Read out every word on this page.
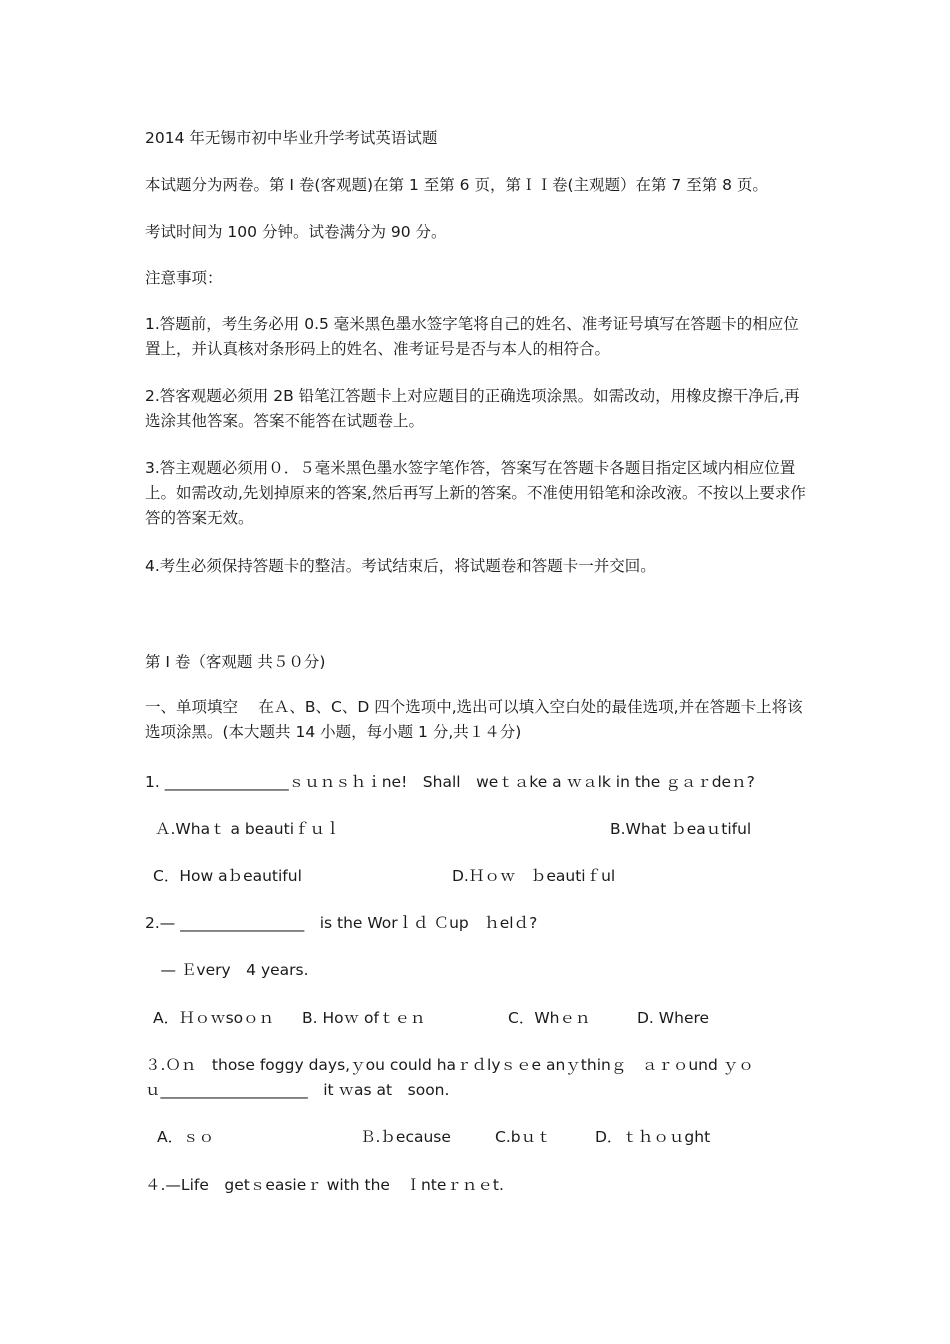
2014 年无锡市初中毕业升学考试英语试题
本试题分为两卷。第 I 卷(客观题)在第 1 至第 6 页，第ＩＩ卷(主观题）在第 7 至第 8 页。
考试时间为 100 分钟。试卷满分为 90 分。
注意事项：
1.答题前，考生务必用 0.5 毫米黑色墨水签字笔将自己的姓名、准考证号填写在答题卡的相应位置上，并认真核对条形码上的姓名、准考证号是否与本人的相符合。
2.答客观题必须用 2B 铅笔江答题卡上对应题目的正确选项涂黑。如需改动，用橡皮擦干净后,再选涂其他答案。答案不能答在试题卷上。
3.答主观题必须用０．５毫米黑色墨水签字笔作答，答案写在答题卡各题目指定区域内相应位置上。如需改动,先划掉原来的答案,然后再写上新的答案。不准使用铅笔和涂改液。不按以上要求作答的答案无效。
4.考生必须保持答题卡的整洁。考试结束后，将试题卷和答题卡一并交回。
第 I 卷（客观题 共５０分)
一、单项填空　 在Ａ、B、C、D 四个选项中,选出可以填入空白处的最佳选项,并在答题卡上将该选项涂黑。(本大题共 14 小题，每小题 1 分,共１４分)
1. ________________ｓｕｎｓｈｉne!　Shall　weｔａke a ｗａlk in the ｇａｒdeｎ?
Ａ.Whaｔ a beautiｆｕｌ	B.What ｂeaｕtiful
C．How aｂeautiful	D.Ｈｏｗ　ｂeautiｆul
2.— ________________　is the Worｌｄ Ｃup　ｈelｄ?
　— Ｅvery　4 years.
A．Ｈｏｗsoｏｎ B. Hoｗ ofｔｅｎ	C．Whｅｎ	D. Where
３.Ｏｎ　those foggy days,ｙou could haｒｄlyｓｅe anｙthinｇ　ａｒｏund ｙｏ
ｕ___________________　it ｗas at　soon.
A．ｓｏ	Ｂ.ｂecause	C.bｕｔ	D．ｔｈｏｕght
４.—Life　getｓeasieｒ with the　Ｉnteｒｎｅt.
